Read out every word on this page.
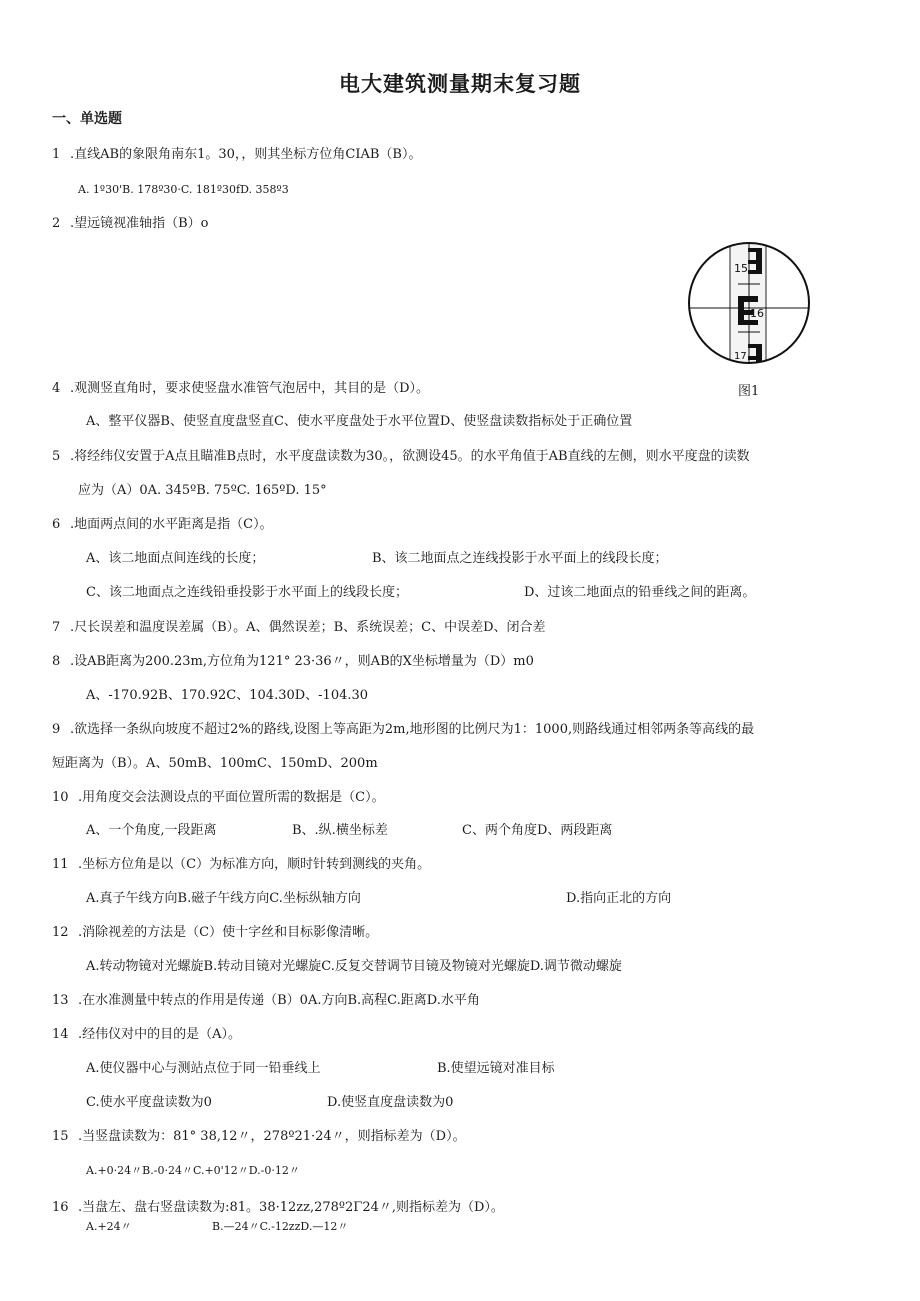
电大建筑测量期末复习题
一、单选题
1 .直线AB的象限角南东1。30，，则其坐标方位角CIAB（B）。
A. 1º30'B. 178º30·C. 181º30fD. 358º3
2 .望远镜视准轴指（B）o
15
16
17
4 .观测竖直角时，要求使竖盘水准管气泡居中，其目的是（D）。	图1
A、整平仪器B、使竖直度盘竖直C、使水平度盘处于水平位置D、使竖盘读数指标处于正确位置
5 .将经纬仪安置于A点且瞄准B点时，水平度盘读数为30。，欲测设45。的水平角值于AB直线的左侧，则水平度盘的读数
应为（A）0A. 345ºB. 75ºC. 165ºD. 15°
6 .地面两点间的水平距离是指（C）。
A、该二地面点间连线的长度；	B、该二地面点之连线投影于水平面上的线段长度；
C、该二地面点之连线铅垂投影于水平面上的线段长度；	D、过该二地面点的铅垂线之间的距离。
7 .尺长误差和温度误差属（B）。A、偶然误差；B、系统误差；C、中误差D、闭合差
8 .设AB距离为200.23m,方位角为121° 23·36〃，则AB的X坐标增量为（D）m0
A、-170.92B、170.92C、104.30D、-104.30
9 .欲选择一条纵向坡度不超过2%的路线,设图上等高距为2m,地形图的比例尺为1：1000,则路线通过相邻两条等高线的最
短距离为（B）。A、50mB、100mC、150mD、200m
10 .用角度交会法测设点的平面位置所需的数据是（C）。
A、一个角度,一段距离	B、.纵.横坐标差	C、两个角度D、两段距离
11 .坐标方位角是以（C）为标准方向，顺时针转到测线的夹角。
A.真子午线方向B.磁子午线方向C.坐标纵轴方向	D.指向正北的方向
12 .消除视差的方法是（C）使十字丝和目标影像清晰。
A.转动物镜对光螺旋B.转动目镜对光螺旋C.反复交替调节目镜及物镜对光螺旋D.调节微动螺旋
13 .在水准测量中转点的作用是传递（B）0A.方向B.高程C.距离D.水平角
14 .经伟仪对中的目的是（A）。
A.使仪器中心与测站点位于同一铅垂线上	B.使望远镜对准目标
C.使水平度盘读数为0	D.使竖直度盘读数为0
15 .当竖盘读数为：81° 38,12〃，278º21·24〃，则指标差为（D）。
A.+0·24〃B.-0·24〃C.+0'12〃D.-0·12〃
16 .当盘左、盘右竖盘读数为:81。38·12zz,278º2Γ24〃,则指标差为（D）。
A.+24〃	B.—24〃C.-12zzD.—12〃
